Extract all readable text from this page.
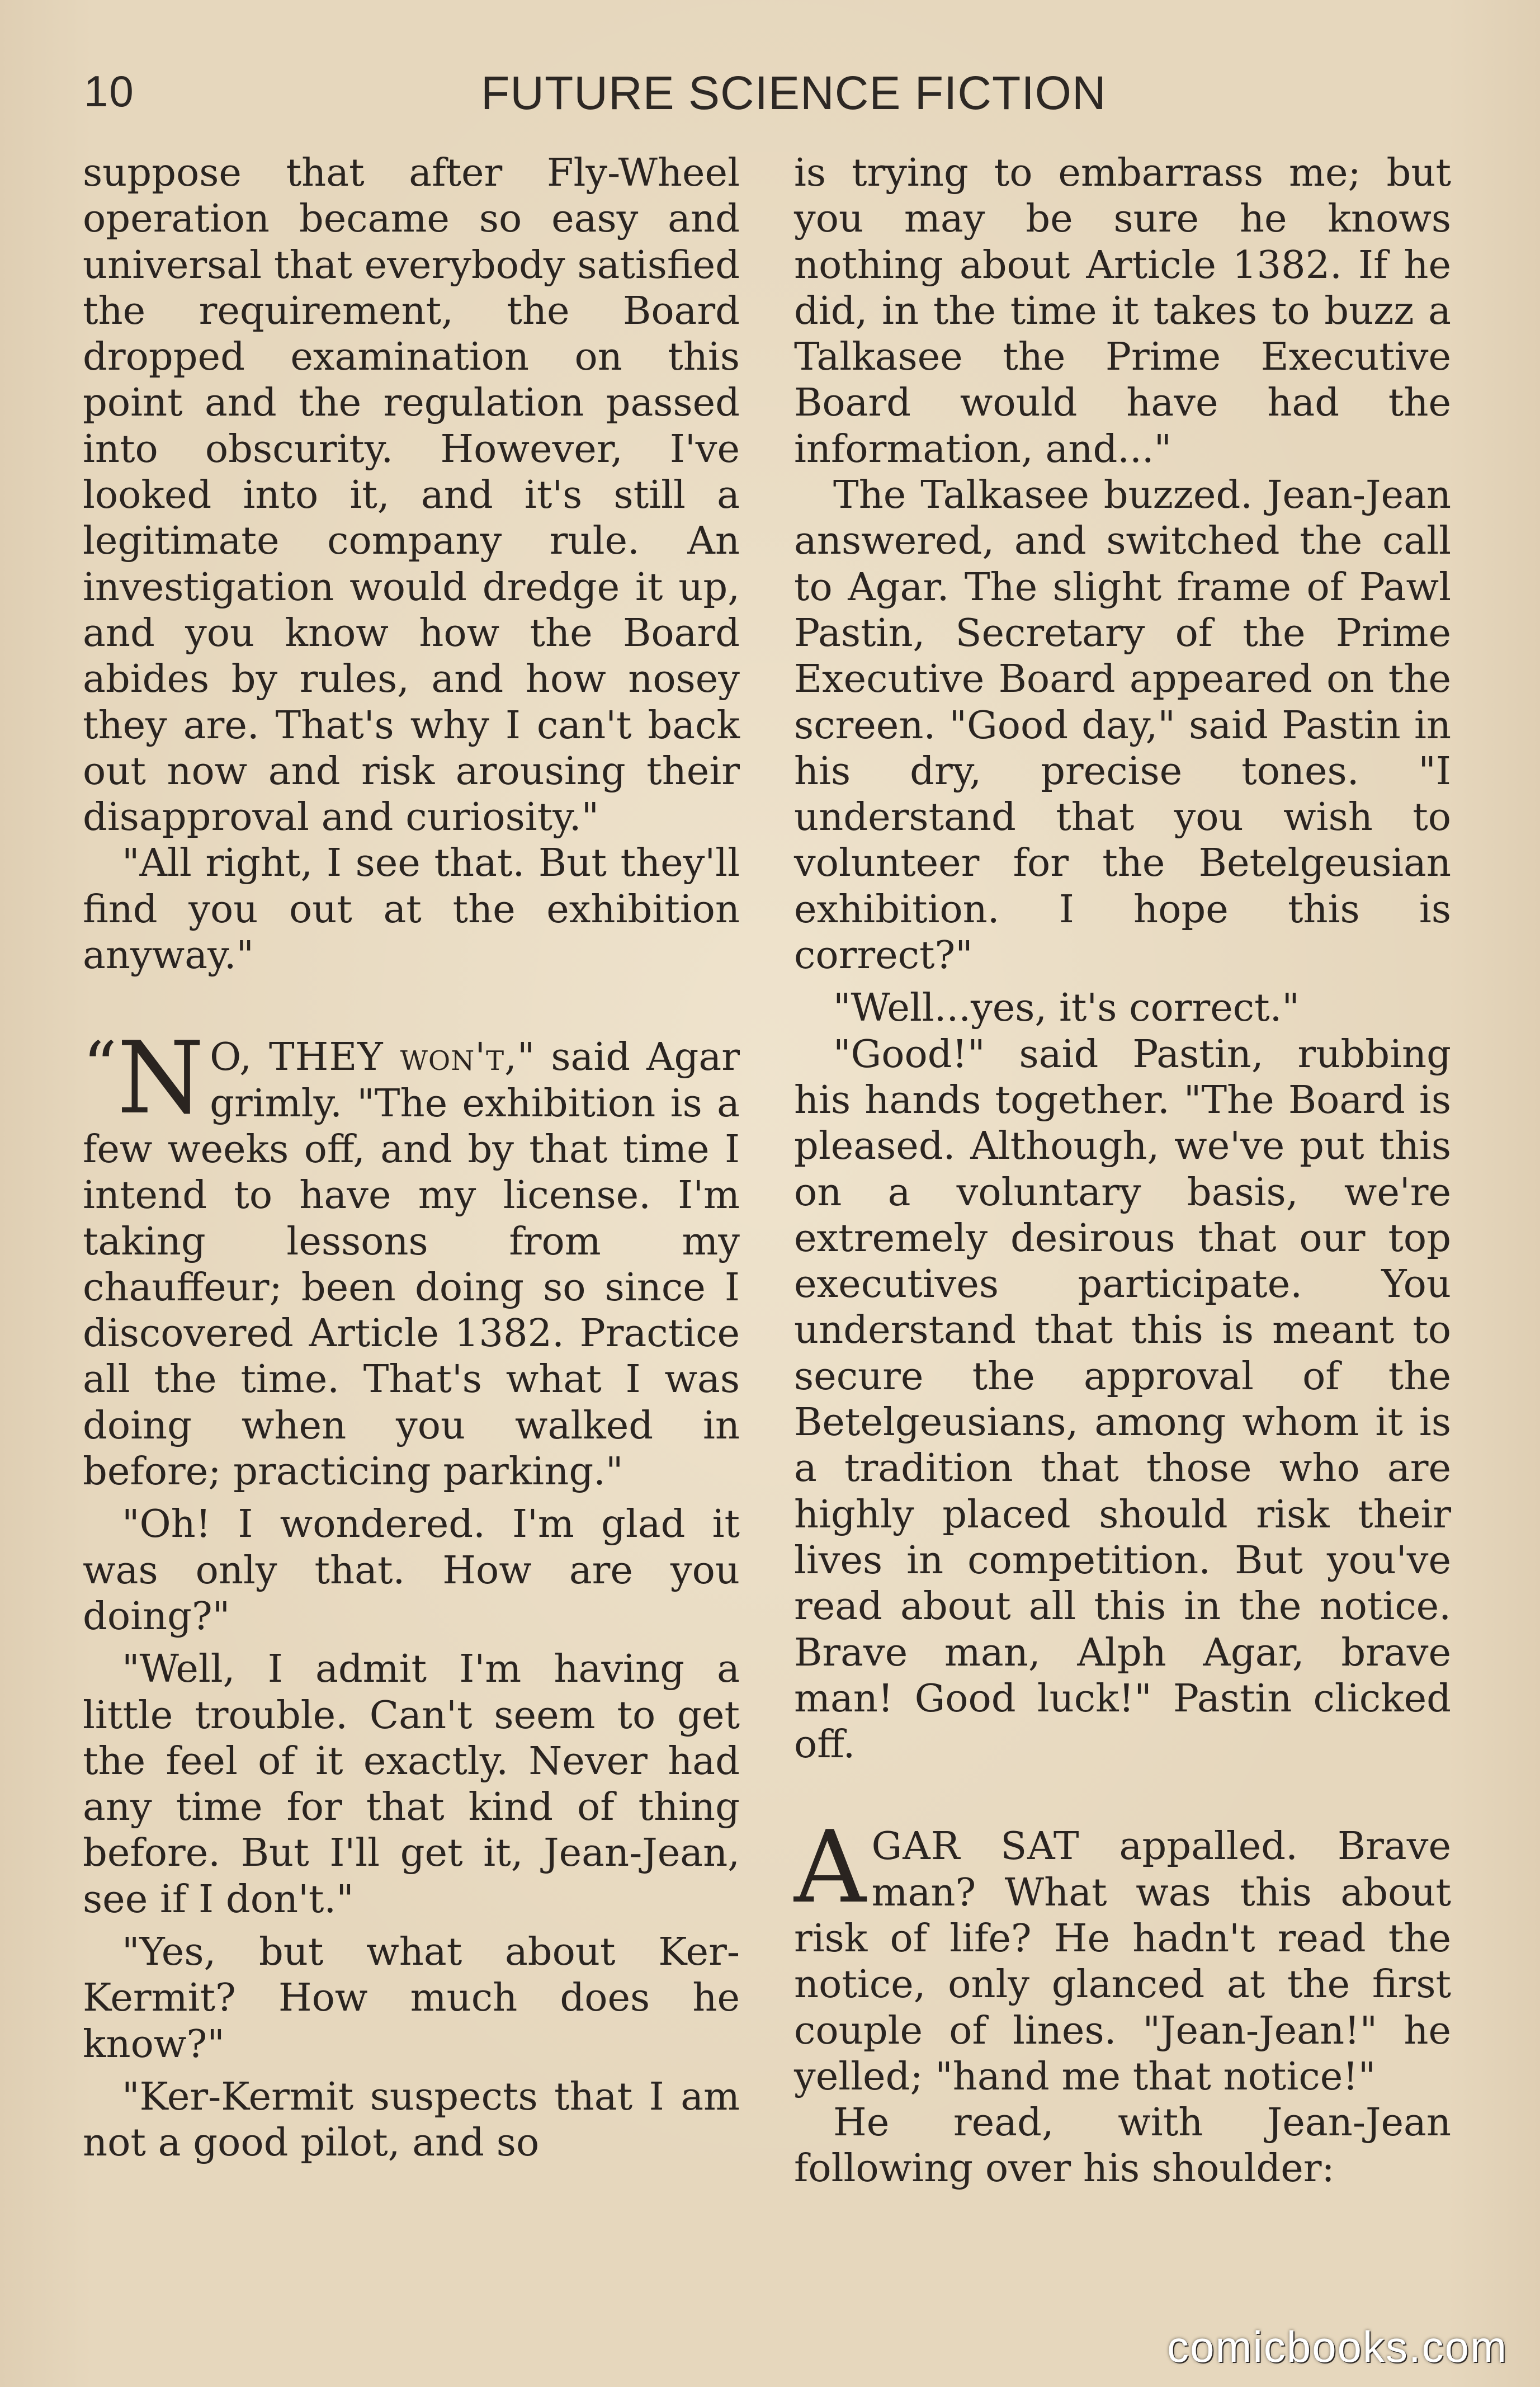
10	FUTURE SCIENCE FICTION

suppose that after Fly-Wheel operation became so easy and universal that everybody satisfied the requirement, the Board dropped examination on this point and the regulation passed into obscurity. However, I've looked into it, and it's still a legitimate company rule. An investigation would dredge it up, and you know how the Board abides by rules, and how nosey they are. That's why I can't back out now and risk arousing their disapproval and curiosity."

"All right, I see that. But they'll find you out at the exhibition anyway."

“N O, THEY won't," said Agar grimly. "The exhibition is a few weeks off, and by that time I intend to have my license. I'm taking lessons from my chauffeur; been doing so since I discovered Article 1382. Practice all the time. That's what I was doing when you walked in before; practicing parking."

"Oh! I wondered. I'm glad it was only that. How are you doing?"

"Well, I admit I'm having a little trouble. Can't seem to get the feel of it exactly. Never had any time for that kind of thing before. But I'll get it, Jean-Jean, see if I don't."

"Yes, but what about Ker-Kermit? How much does he know?"

"Ker-Kermit suspects that I am not a good pilot, and so

is trying to embarrass me; but you may be sure he knows nothing about Article 1382. If he did, in the time it takes to buzz a Talkasee the Prime Executive Board would have had the information, and..."

The Talkasee buzzed. Jean-Jean answered, and switched the call to Agar. The slight frame of Pawl Pastin, Secretary of the Prime Executive Board appeared on the screen. "Good day," said Pastin in his dry, precise tones. "I understand that you wish to volunteer for the Betelgeusian exhibition. I hope this is correct?"

"Well...yes, it's correct."

"Good!" said Pastin, rubbing his hands together. "The Board is pleased. Although, we've put this on a voluntary basis, we're extremely desirous that our top executives participate. You understand that this is meant to secure the approval of the Betelgeusians, among whom it is a tradition that those who are highly placed should risk their lives in competition. But you've read about all this in the notice. Brave man, Alph Agar, brave man! Good luck!" Pastin clicked off.

AGAR SAT appalled. Brave man? What was this about risk of life? He hadn't read the notice, only glanced at the first couple of lines. "Jean-Jean!" he yelled; "hand me that notice!"

He read, with Jean-Jean following over his shoulder:

comicbooks.com
